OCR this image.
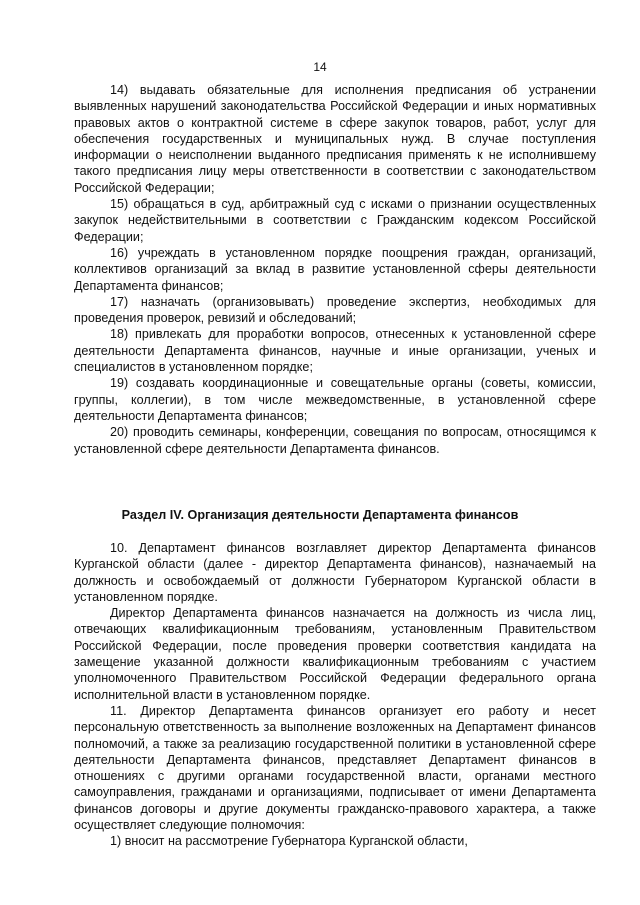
14

14) выдавать обязательные для исполнения предписания об устранении выявленных нарушений законодательства Российской Федерации и иных нормативных правовых актов о контрактной системе в сфере закупок товаров, работ, услуг для обеспечения государственных и муниципальных нужд. В случае поступления информации о неисполнении выданного предписания применять к не исполнившему такого предписания лицу меры ответственности в соответствии с законодательством Российской Федерации;

15) обращаться в суд, арбитражный суд с исками о признании осуществленных закупок недействительными в соответствии с Гражданским кодексом Российской Федерации;

16) учреждать в установленном порядке поощрения граждан, организаций, коллективов организаций за вклад в развитие установленной сферы деятельности Департамента финансов;

17) назначать (организовывать) проведение экспертиз, необходимых для проведения проверок, ревизий и обследований;

18) привлекать для проработки вопросов, отнесенных к установленной сфере деятельности Департамента финансов, научные и иные организации, ученых и специалистов в установленном порядке;

19) создавать координационные и совещательные органы (советы, комиссии, группы, коллегии), в том числе межведомственные, в установленной сфере деятельности Департамента финансов;

20) проводить семинары, конференции, совещания по вопросам, относящимся к установленной сфере деятельности Департамента финансов.

Раздел IV. Организация деятельности Департамента финансов

10. Департамент финансов возглавляет директор Департамента финансов Курганской области (далее - директор Департамента финансов), назначаемый на должность и освобождаемый от должности Губернатором Курганской области в установленном порядке.

Директор Департамента финансов назначается на должность из числа лиц, отвечающих квалификационным требованиям, установленным Правительством Российской Федерации, после проведения проверки соответствия кандидата на замещение указанной должности квалификационным требованиям с участием уполномоченного Правительством Российской Федерации федерального органа исполнительной власти в установленном порядке.

11. Директор Департамента финансов организует его работу и несет персональную ответственность за выполнение возложенных на Департамент финансов полномочий, а также за реализацию государственной политики в установленной сфере деятельности Департамента финансов, представляет Департамент финансов в отношениях с другими органами государственной власти, органами местного самоуправления, гражданами и организациями, подписывает от имени Департамента финансов договоры и другие документы гражданско-правового характера, а также осуществляет следующие полномочия:

1) вносит на рассмотрение Губернатора Курганской области,
